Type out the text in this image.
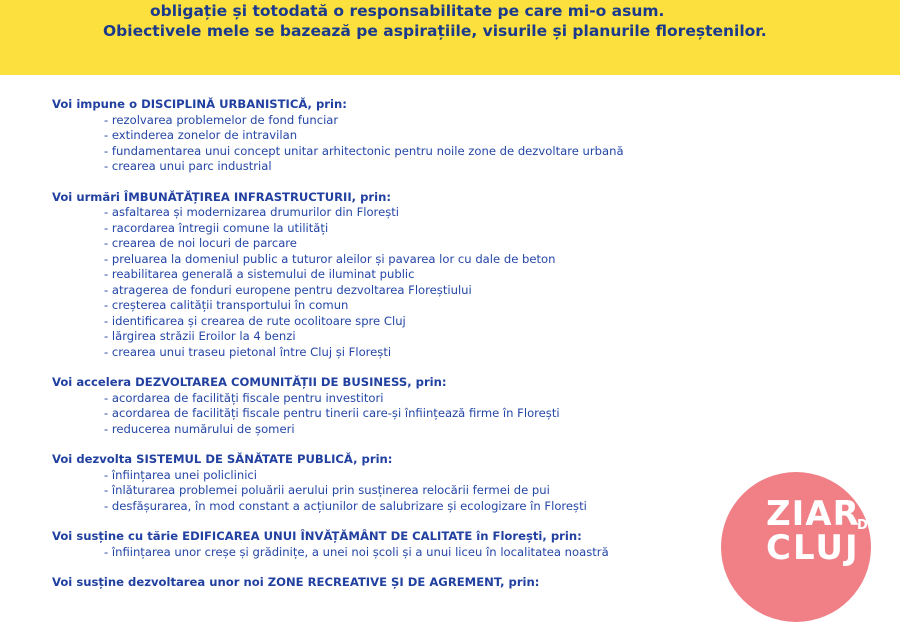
obligație și totodată o responsabilitate pe care mi-o asum.
Obiectivele mele se bazează pe aspirațiile, visurile și planurile floreștenilor.
Voi impune o DISCIPLINĂ URBANISTICĂ, prin:
- rezolvarea problemelor de fond funciar
- extinderea zonelor de intravilan
- fundamentarea unui concept unitar arhitectonic pentru noile zone de dezvoltare urbană
- crearea unui parc industrial
Voi urmări ÎMBUNĂTĂȚIREA INFRASTRUCTURII, prin:
- asfaltarea și modernizarea drumurilor din Florești
- racordarea întregii comune la utilități
- crearea de noi locuri de parcare
- preluarea la domeniul public a tuturor aleilor și pavarea lor cu dale de beton
- reabilitarea generală a sistemului de iluminat public
- atragerea de fonduri europene pentru dezvoltarea Floreștiului
- creșterea calității transportului în comun
- identificarea și crearea de rute ocolitoare spre Cluj
- lărgirea străzii Eroilor la 4 benzi
- crearea unui traseu pietonal între Cluj și Florești
Voi accelera DEZVOLTAREA COMUNITĂȚII DE BUSINESS, prin:
- acordarea de facilități fiscale pentru investitori
- acordarea de facilități fiscale pentru tinerii care-și înființează firme în Florești
- reducerea numărului de șomeri
Voi dezvolta SISTEMUL DE SĂNĂTATE PUBLICĂ, prin:
- înființarea unei policlinici
- înlăturarea problemei poluării aerului prin susținerea relocării fermei de pui
- desfășurarea, în mod constant a acțiunilor de salubrizare și ecologizare în Florești
Voi susține cu tărie EDIFICAREA UNUI ÎNVĂȚĂMÂNT DE CALITATE în Florești, prin:
- înființarea unor creșe și grădinițe, a unei noi școli și a unui liceu în localitatea noastră
Voi susține dezvoltarea unor noi ZONE RECREATIVE ȘI DE AGREMENT, prin:
ZIAR
DE
CLUJ
